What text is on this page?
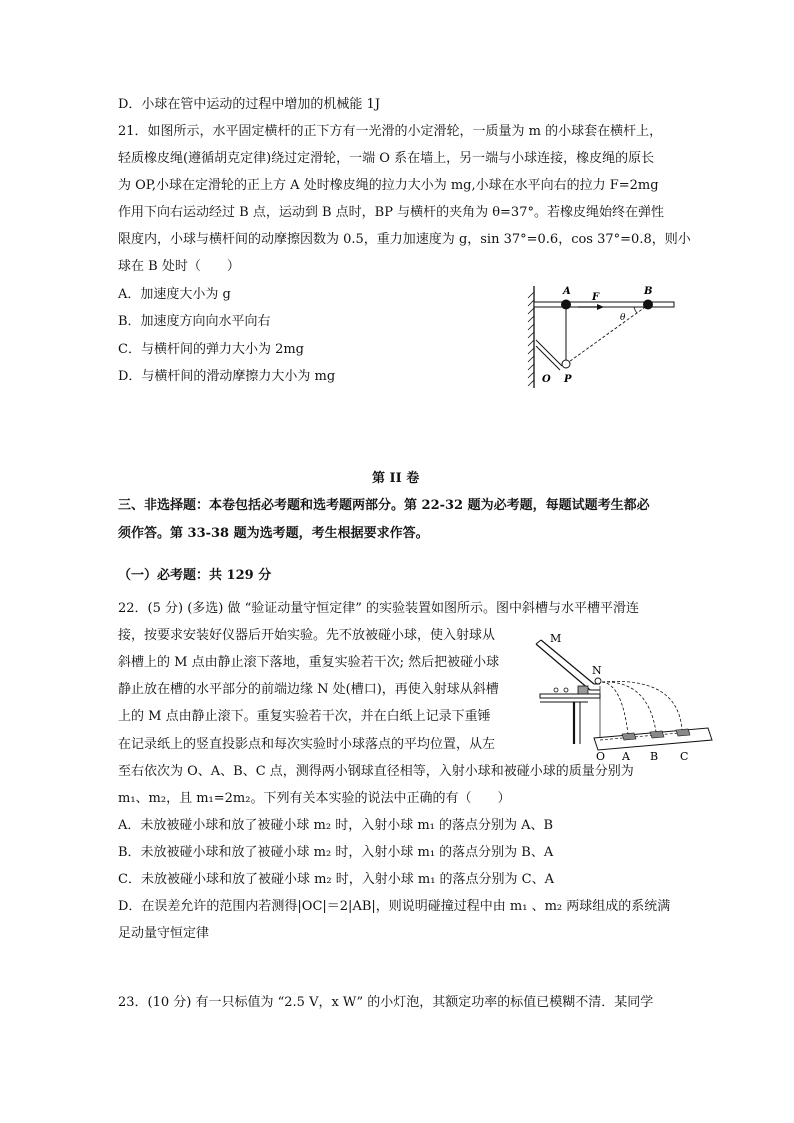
D．小球在管中运动的过程中增加的机械能 1J
21．如图所示，水平固定横杆的正下方有一光滑的小定滑轮，一质量为 m 的小球套在横杆上，
轻质橡皮绳(遵循胡克定律)绕过定滑轮，一端 O 系在墙上，另一端与小球连接，橡皮绳的原长
为 OP,小球在定滑轮的正上方 A 处时橡皮绳的拉力大小为 mg,小球在水平向右的拉力 F=2mg
作用下向右运动经过 B 点，运动到 B 点时，BP 与横杆的夹角为 θ=37°。若橡皮绳始终在弹性
限度内，小球与横杆间的动摩擦因数为 0.5，重力加速度为 g，sin 37°=0.6，cos 37°=0.8，则小
球在 B 处时（　　）
A．加速度大小为 g
B．加速度方向向水平向右
C．与横杆间的弹力大小为 2mg
D．与横杆间的滑动摩擦力大小为 mg
A	B
F
θ
O P
第 II 卷
三、非选择题：本卷包括必考题和选考题两部分。第 22-32 题为必考题，每题试题考生都必
须作答。第 33-38 题为选考题，考生根据要求作答。
（一）必考题：共 129 分
22．(5 分) (多选) 做 “验证动量守恒定律” 的实验装置如图所示。图中斜槽与水平槽平滑连
接，按要求安装好仪器后开始实验。先不放被碰小球，使入射球从
斜槽上的 M 点由静止滚下落地，重复实验若干次; 然后把被碰小球
静止放在槽的水平部分的前端边缘 N 处(槽口)，再使入射球从斜槽
上的 M 点由静止滚下。重复实验若干次，并在白纸上记录下重锤
在记录纸上的竖直投影点和每次实验时小球落点的平均位置，从左
至右依次为 O、A、B、C 点，测得两小钢球直径相等，入射小球和被碰小球的质量分别为
m₁、m₂，且 m₁=2m₂。下列有关本实验的说法中正确的有（　　）
A．未放被碰小球和放了被碰小球 m₂ 时，入射小球 m₁ 的落点分别为 A、B
B．未放被碰小球和放了被碰小球 m₂ 时，入射小球 m₁ 的落点分别为 B、A
C．未放被碰小球和放了被碰小球 m₂ 时，入射小球 m₁ 的落点分别为 C、A
D．在误差允许的范围内若测得|OC|＝2|AB|，则说明碰撞过程中由 m₁ 、m₂ 两球组成的系统满
足动量守恒定律
M
N
O A B C
23．(10 分) 有一只标值为 “2.5 V，x W” 的小灯泡，其额定功率的标值已模糊不清．某同学
